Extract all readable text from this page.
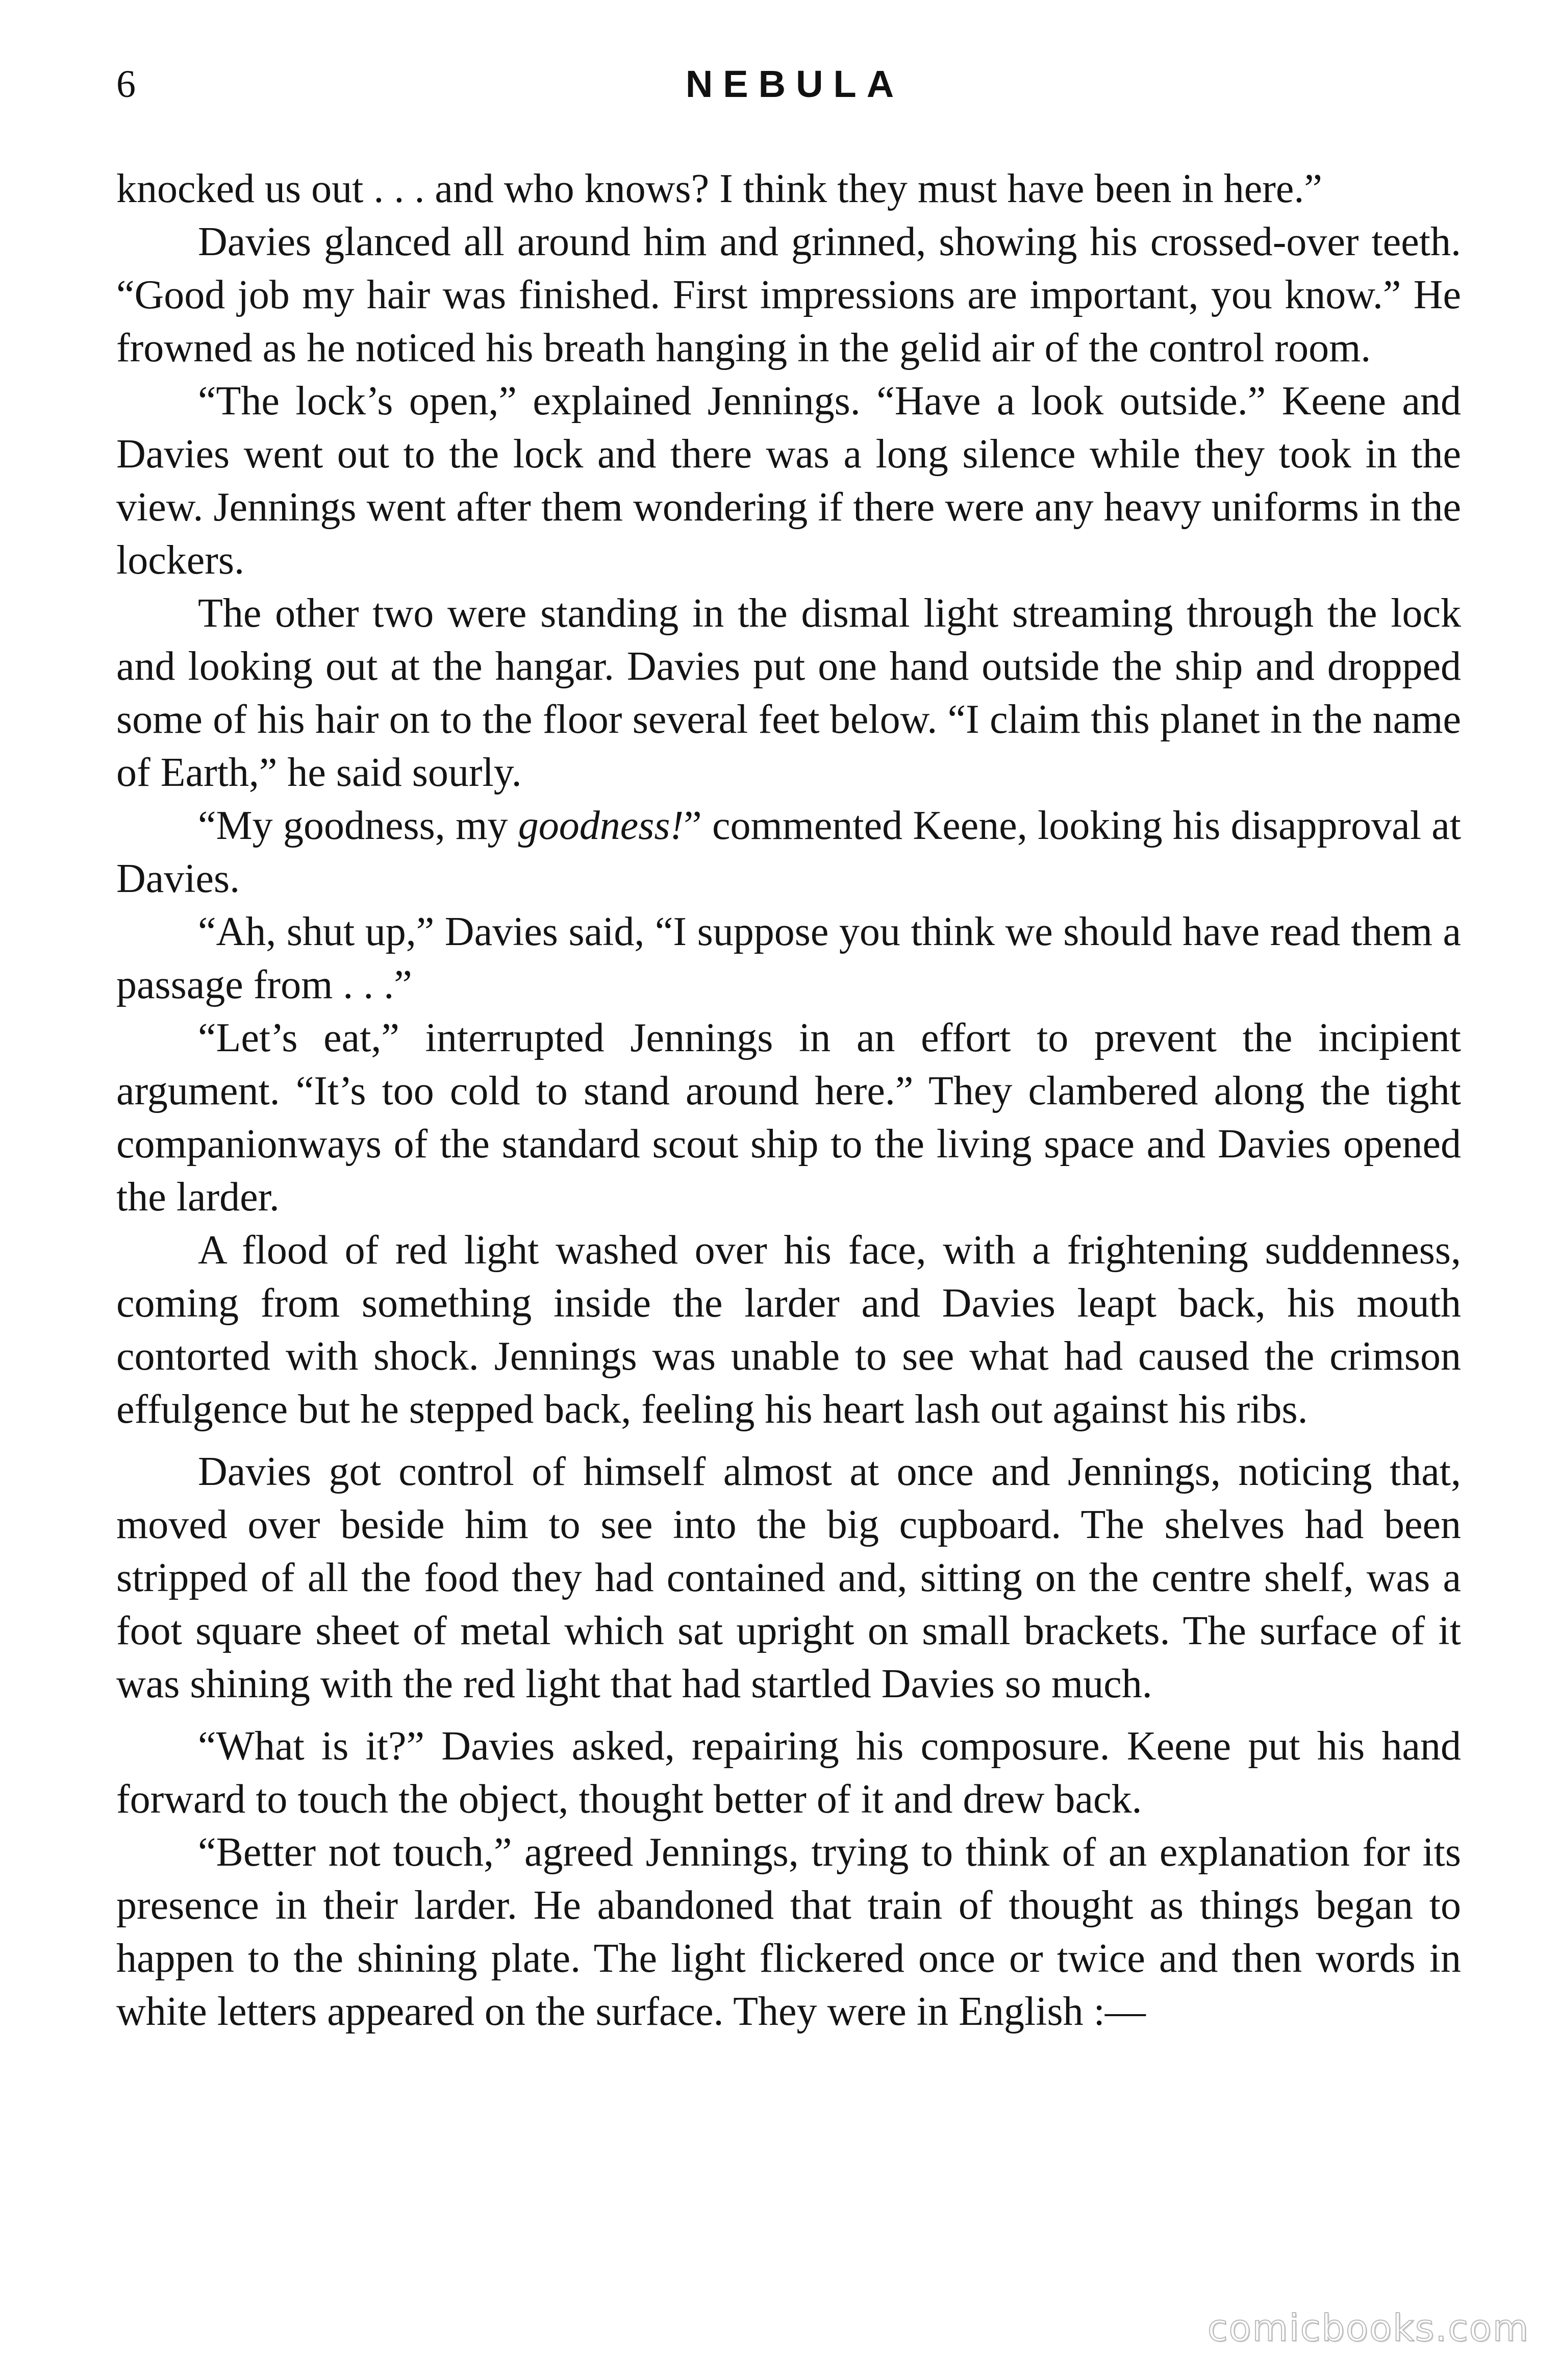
6	NEBULA

knocked us out . . . and who knows? I think they must have been in here.”

Davies glanced all around him and grinned, showing his crossed-over teeth. “Good job my hair was finished. First impressions are important, you know.” He frowned as he noticed his breath hanging in the gelid air of the control room.

“The lock’s open,” explained Jennings. “Have a look outside.” Keene and Davies went out to the lock and there was a long silence while they took in the view. Jennings went after them wondering if there were any heavy uniforms in the lockers.

The other two were standing in the dismal light streaming through the lock and looking out at the hangar. Davies put one hand outside the ship and dropped some of his hair on to the floor several feet below. “I claim this planet in the name of Earth,” he said sourly.

“My goodness, my goodness!” commented Keene, looking his disapproval at Davies.

“Ah, shut up,” Davies said, “I suppose you think we should have read them a passage from . . .”

“Let’s eat,” interrupted Jennings in an effort to prevent the incipient argument. “It’s too cold to stand around here.” They clambered along the tight companionways of the standard scout ship to the living space and Davies opened the larder.

A flood of red light washed over his face, with a frightening suddenness, coming from something inside the larder and Davies leapt back, his mouth contorted with shock. Jennings was unable to see what had caused the crimson effulgence but he stepped back, feeling his heart lash out against his ribs.

Davies got control of himself almost at once and Jennings, noticing that, moved over beside him to see into the big cupboard. The shelves had been stripped of all the food they had contained and, sitting on the centre shelf, was a foot square sheet of metal which sat upright on small brackets. The surface of it was shining with the red light that had startled Davies so much.

“What is it?” Davies asked, repairing his composure. Keene put his hand forward to touch the object, thought better of it and drew back.

“Better not touch,” agreed Jennings, trying to think of an explanation for its presence in their larder. He abandoned that train of thought as things began to happen to the shining plate. The light flickered once or twice and then words in white letters appeared on the surface. They were in English :—

comicbooks.com
